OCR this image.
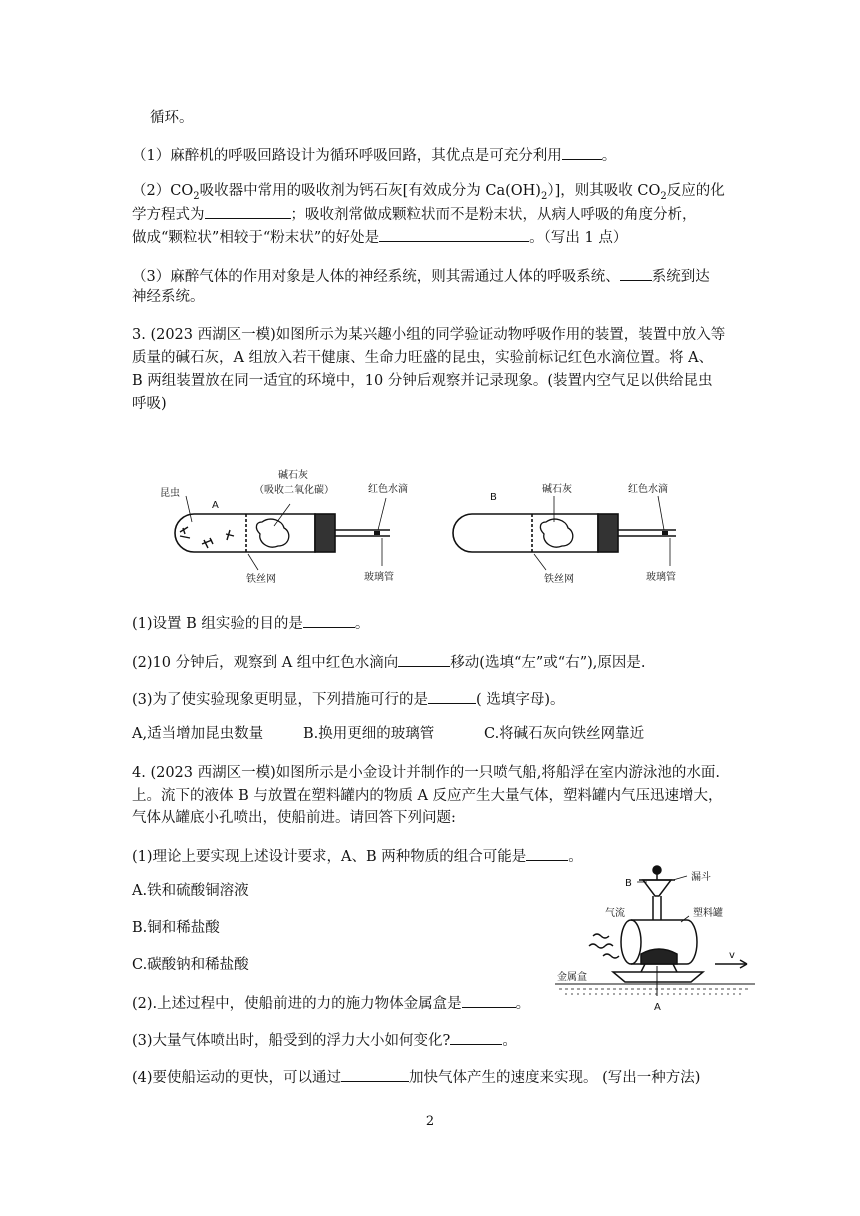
循环。
（1）麻醉机的呼吸回路设计为循环呼吸回路，其优点是可充分利用	。
$(2)CO_2$吸收器中常用的吸收剂为钙石灰[有效成分为 $Ca(OH)_2$）]，则其吸收 $CO_2$反应的化
学方程式为	；吸收剂常做成颗粒状而不是粉末状，从病人呼吸的角度分析，
做成“颗粒状”相较于“粉末状”的好处是	。（写出 1 点）
（3）麻醉气体的作用对象是人体的神经系统，则其需通过人体的呼吸系统、 系统到达
神经系统。
3. (2023 西湖区一模)如图所示为某兴趣小组的同学验证动物呼吸作用的装置，装置中放入等
质量的碱石灰，A 组放入若干健康、生命力旺盛的昆虫，实验前标记红色水滴位置。将 A、
B 两组装置放在同一适宜的环境中，10 分钟后观察并记录现象。(装置内空气足以供给昆虫
呼吸)
A
昆虫
碱石灰
（吸收二氧化碳）	红色水滴
铁丝网	玻璃管
B
碱石灰	红色水滴
铁丝网	玻璃管
(1)设置 B 组实验的目的是	。
(2)10 分钟后，观察到 A 组中红色水滴向	移动(选填“左”或“右”),原因是.
(3)为了使实验现象更明显，下列措施可行的是	( 选填字母)。
A,适当增加昆虫数量	B.换用更细的玻璃管	C.将碱石灰向铁丝网靠近
4. (2023 西湖区一模)如图所示是小金设计并制作的一只喷气船,将船浮在室内游泳池的水面.
上。流下的液体 B 与放置在塑料罐内的物质 A 反应产生大量气体，塑料罐内气压迅速增大，
气体从罐底小孔喷出，使船前进。请回答下列问题:
(1)理论上要实现上述设计要求，A、B 两种物质的组合可能是	。
A.铁和硫酸铜溶液
B.铜和稀盐酸
C.碳酸钠和稀盐酸
(2).上述过程中，使船前进的力的施力物体金属盒是	。
(3)大量气体喷出时，船受到的浮力大小如何变化?	。
(4)要使船运动的更快，可以通过	加快气体产生的速度来实现。 (写出一种方法)
B
漏斗
气流	塑料罐
金属盒
A
v
2
